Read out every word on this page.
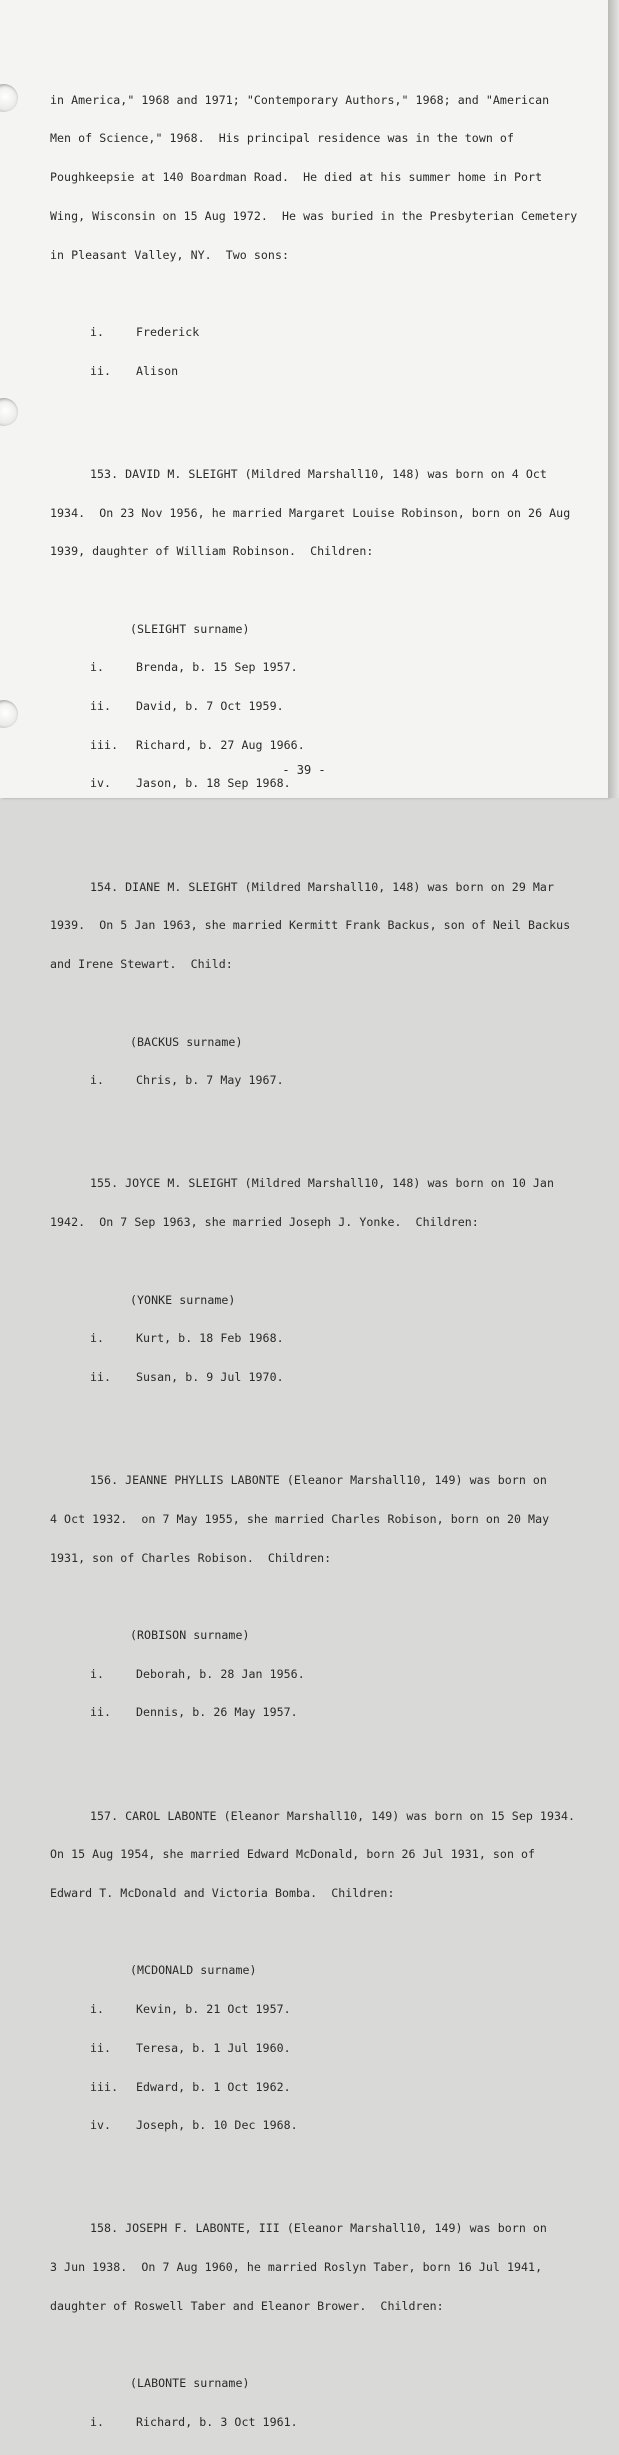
in America," 1968 and 1971; "Contemporary Authors," 1968; and "American

Men of Science," 1968.  His principal residence was in the town of

Poughkeepsie at 140 Boardman Road.  He died at his summer home in Port

Wing, Wisconsin on 15 Aug 1972.  He was buried in the Presbyterian Cemetery

in Pleasant Valley, NY.  Two sons:

i.	Frederick

ii. Alison

153. DAVID M. SLEIGHT (Mildred Marshall10, 148) was born on 4 Oct

1934.  On 23 Nov 1956, he married Margaret Louise Robinson, born on 26 Aug

1939, daughter of William Robinson.  Children:

(SLEIGHT surname)

i.	Brenda, b. 15 Sep 1957.

ii. David, b. 7 Oct 1959.

iii. Richard, b. 27 Aug 1966.

iv. Jason, b. 18 Sep 1968.

154. DIANE M. SLEIGHT (Mildred Marshall10, 148) was born on 29 Mar

1939.  On 5 Jan 1963, she married Kermitt Frank Backus, son of Neil Backus

and Irene Stewart.  Child:

(BACKUS surname)

i.	Chris, b. 7 May 1967.

155. JOYCE M. SLEIGHT (Mildred Marshall10, 148) was born on 10 Jan

1942.  On 7 Sep 1963, she married Joseph J. Yonke.  Children:

(YONKE surname)

i.	Kurt, b. 18 Feb 1968.

ii. Susan, b. 9 Jul 1970.

156. JEANNE PHYLLIS LABONTE (Eleanor Marshall10, 149) was born on

4 Oct 1932.  on 7 May 1955, she married Charles Robison, born on 20 May

1931, son of Charles Robison.  Children:

(ROBISON surname)

i.	Deborah, b. 28 Jan 1956.

ii. Dennis, b. 26 May 1957.

157. CAROL LABONTE (Eleanor Marshall10, 149) was born on 15 Sep 1934.

On 15 Aug 1954, she married Edward McDonald, born 26 Jul 1931, son of

Edward T. McDonald and Victoria Bomba.  Children:

(MCDONALD surname)

i.	Kevin, b. 21 Oct 1957.

ii. Teresa, b. 1 Jul 1960.

iii. Edward, b. 1 Oct 1962.

iv. Joseph, b. 10 Dec 1968.

158. JOSEPH F. LABONTE, III (Eleanor Marshall10, 149) was born on

3 Jun 1938.  On 7 Aug 1960, he married Roslyn Taber, born 16 Jul 1941,

daughter of Roswell Taber and Eleanor Brower.  Children:

(LABONTE surname)

i.	Richard, b. 3 Oct 1961.

- 39 -
